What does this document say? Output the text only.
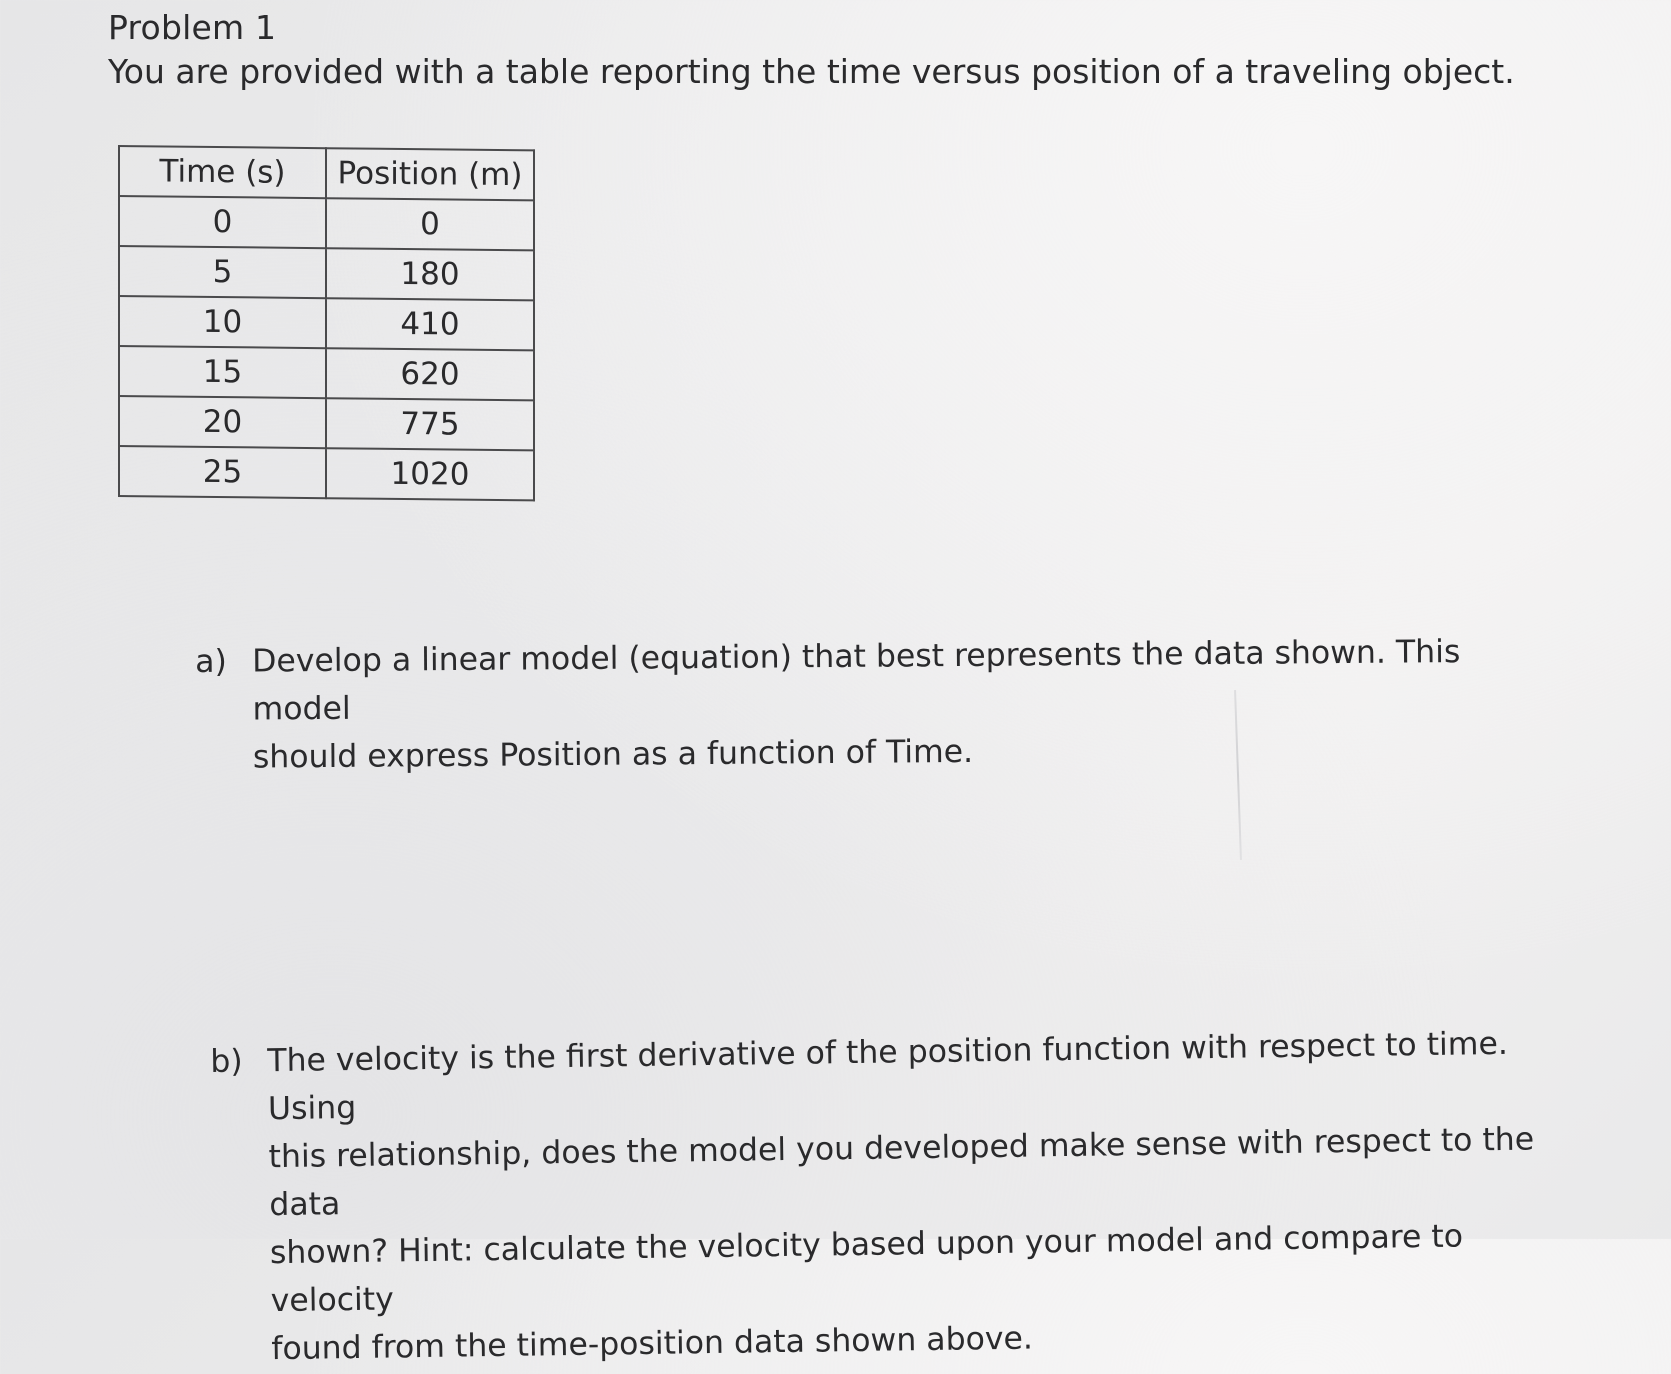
Problem 1

You are provided with a table reporting the time versus position of a traveling object.

Time (s)	Position (m)
0	0
5	180
10	410
15	620
20	775
25	1020
a) Develop a linear model (equation) that best represents the data shown. This model
should express Position as a function of Time.
b) The velocity is the first derivative of the position function with respect to time. Using
this relationship, does the model you developed make sense with respect to the data
shown? Hint: calculate the velocity based upon your model and compare to velocity
found from the time-position data shown above.
